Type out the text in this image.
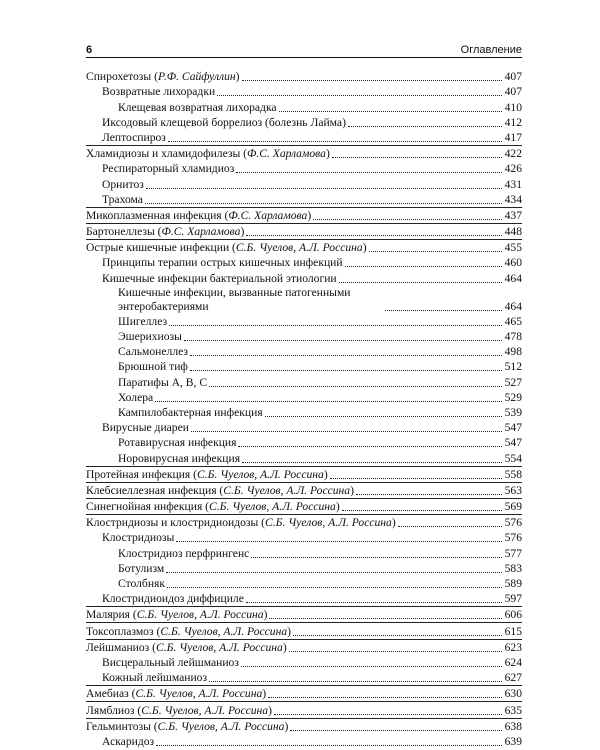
6	Оглавление
Спирохетозы (Р.Ф. Сайфуллин)	407
Возвратные лихорадки	407
Клещевая возвратная лихорадка	410
Иксодовый клещевой боррелиоз (болезнь Лайма)	412
Лептоспироз	417
Хламидиозы и хламидофилезы (Ф.С. Харламова)	422
Респираторный хламидиоз	426
Орнитоз	431
Трахома	434
Микоплазменная инфекция (Ф.С. Харламова)	437
Бартонеллезы (Ф.С. Харламова)	448
Острые кишечные инфекции (С.Б. Чуелов, А.Л. Россина)	455
Принципы терапии острых кишечных инфекций	460
Кишечные инфекции бактериальной этиологии	464
Кишечные инфекции, вызванные патогенными энтеробактериями	464
Шигеллез	465
Эшерихиозы	478
Сальмонеллез	498
Брюшной тиф	512
Паратифы A, B, C	527
Холера	529
Кампилобактерная инфекция	539
Вирусные диареи	547
Ротавирусная инфекция	547
Норовирусная инфекция	554
Протейная инфекция (С.Б. Чуелов, А.Л. Россина)	558
Клебсиеллезная инфекция (С.Б. Чуелов, А.Л. Россина)	563
Синегнойная инфекция (С.Б. Чуелов, А.Л. Россина)	569
Клостридиозы и клостридиоидозы (С.Б. Чуелов, А.Л. Россина)	576
Клостридиозы	576
Клостридиоз перфрингенс	577
Ботулизм	583
Столбняк	589
Клостридиоидоз диффициле	597
Малярия (С.Б. Чуелов, А.Л. Россина)	606
Токсоплазмоз (С.Б. Чуелов, А.Л. Россина)	615
Лейшманиоз (С.Б. Чуелов, А.Л. Россина)	623
Висцеральный лейшманиоз	624
Кожный лейшманиоз	627
Амебиаз (С.Б. Чуелов, А.Л. Россина)	630
Лямблиоз (С.Б. Чуелов, А.Л. Россина)	635
Гельминтозы (С.Б. Чуелов, А.Л. Россина)	638
Аскаридоз	639
